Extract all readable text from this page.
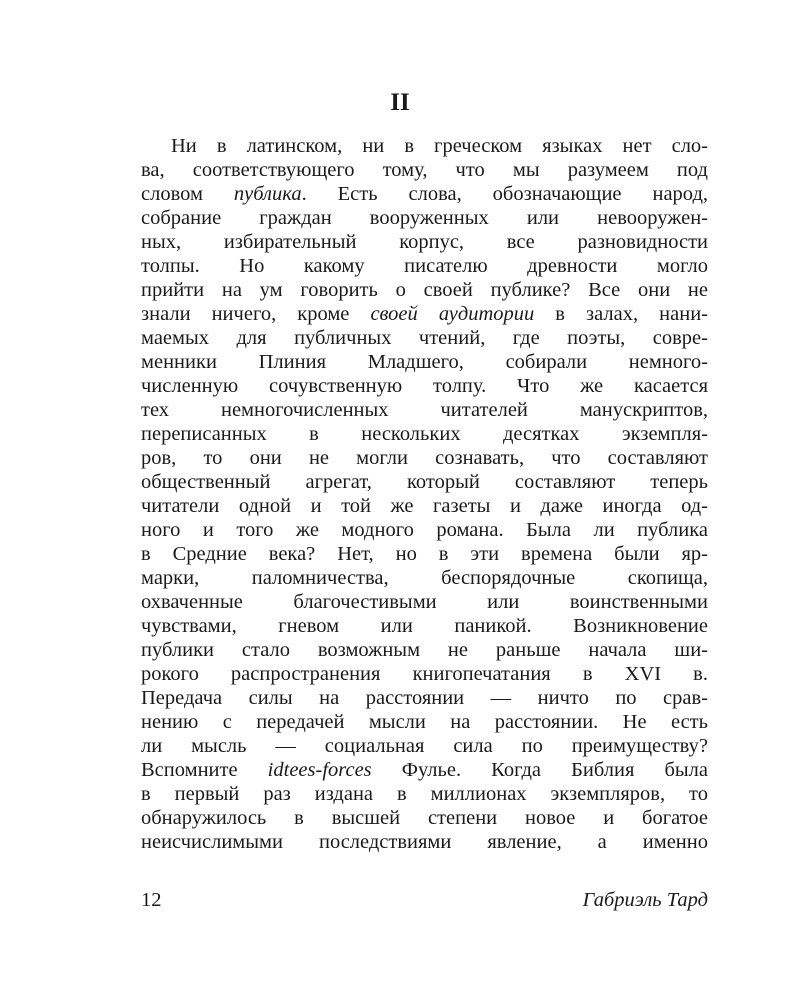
II
Ни в латинском, ни в греческом языках нет сло-
ва, соответствующего тому, что мы разумеем под
словом публика. Есть слова, обозначающие народ,
собрание граждан вооруженных или невооружен-
ных, избирательный корпус, все разновидности
толпы. Но какому писателю древности могло
прийти на ум говорить о своей публике? Все они не
знали ничего, кроме своей аудитории в залах, нани-
маемых для публичных чтений, где поэты, совре-
менники Плиния Младшего, собирали немного-
численную сочувственную толпу. Что же касается
тех немногочисленных читателей манускриптов,
переписанных в нескольких десятках экземпля-
ров, то они не могли сознавать, что составляют
общественный агрегат, который составляют теперь
читатели одной и той же газеты и даже иногда од-
ного и того же модного романа. Была ли публика
в Средние века? Нет, но в эти времена были яр-
марки, паломничества, беспорядочные скопища,
охваченные благочестивыми или воинственными
чувствами, гневом или паникой. Возникновение
публики стало возможным не раньше начала ши-
рокого распространения книгопечатания в XVI в.
Передача силы на расстоянии — ничто по срав-
нению с передачей мысли на расстоянии. Не есть
ли мысль — социальная сила по преимуществу?
Вспомните idtees-forces Фулье. Когда Библия была
в первый раз издана в миллионах экземпляров, то
обнаружилось в высшей степени новое и богатое
неисчислимыми последствиями явление, а именно
12	Габриэль Тард
